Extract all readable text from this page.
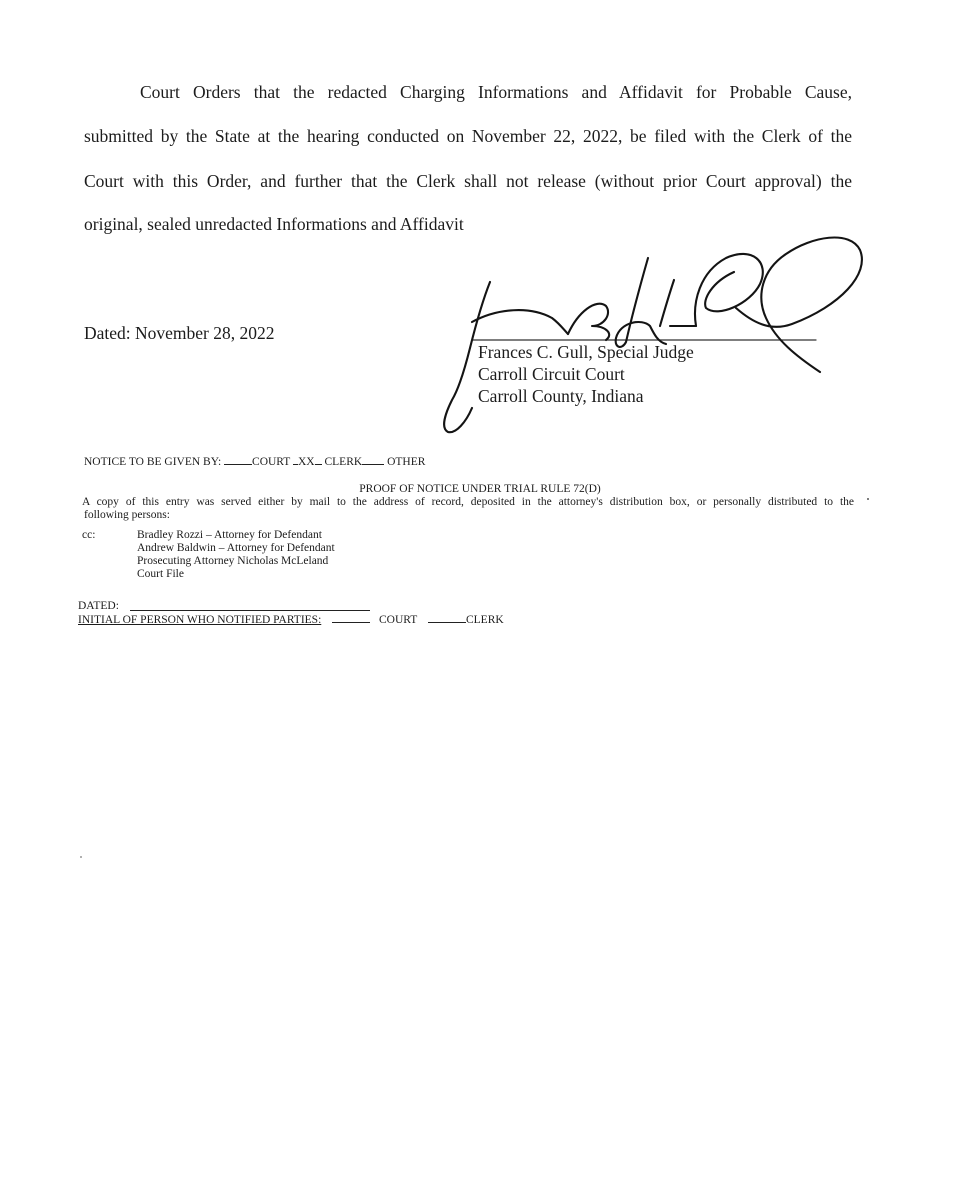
Court Orders that the redacted Charging Informations and Affidavit for Probable Cause,
submitted by the State at the hearing conducted on November 22, 2022, be filed with the Clerk of the
Court with this Order, and further that the Clerk shall not release (without prior Court approval) the
original, sealed unredacted Informations and Affidavit
Dated: November 28, 2022
Frances C. Gull, Special Judge
Carroll Circuit Court
Carroll County, Indiana
NOTICE TO BE GIVEN BY:	COURT XX CLERK OTHER
PROOF OF NOTICE UNDER TRIAL RULE 72(D)
A copy of this entry was served either by mail to the address of record, deposited in the attorney's distribution box, or personally distributed to the
following persons:
cc:	Bradley Rozzi – Attorney for Defendant
Andrew Baldwin – Attorney for Defendant
Prosecuting Attorney Nicholas McLeland
Court File
DATED:
INITIAL OF PERSON WHO NOTIFIED PARTIES:	COURT	CLERK
